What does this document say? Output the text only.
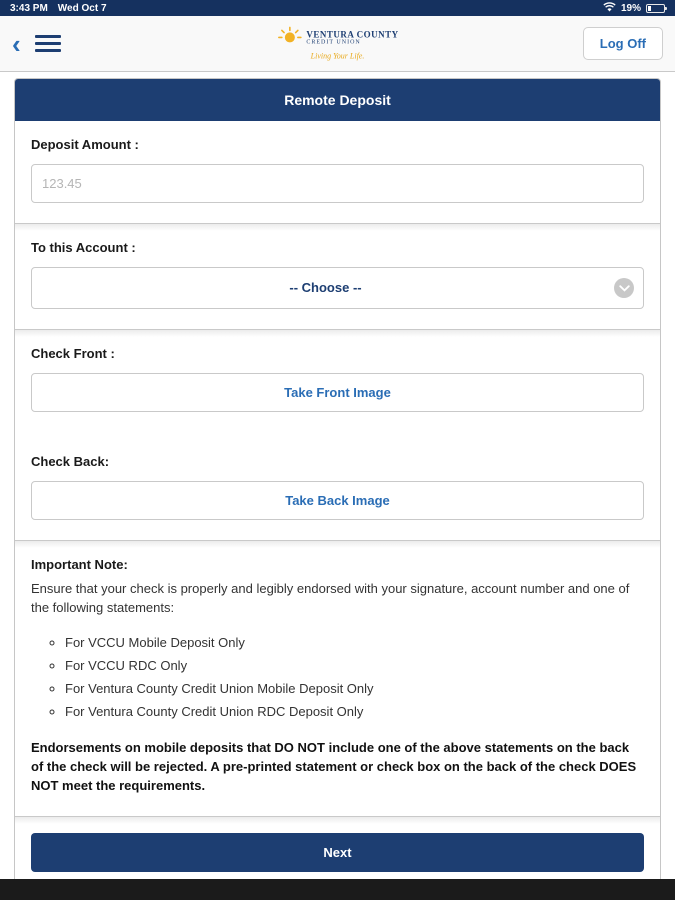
3:43 PM Wed Oct 7	19%
‹	VENTURA COUNTY
CREDIT UNION
Living Your Life.
Log Off
Remote Deposit
Deposit Amount :
123.45
To this Account :
-- Choose --
Check Front :
Take Front Image
Check Back:
Take Back Image
Important Note:
Ensure that your check is properly and legibly endorsed with your signature, account number and one of the following statements:
◦ For VCCU Mobile Deposit Only
◦ For VCCU RDC Only
◦ For Ventura County Credit Union Mobile Deposit Only
◦ For Ventura County Credit Union RDC Deposit Only
Endorsements on mobile deposits that DO NOT include one of the above statements on the back of the check will be rejected. A pre-printed statement or check box on the back of the check DOES NOT meet the requirements.
Next
